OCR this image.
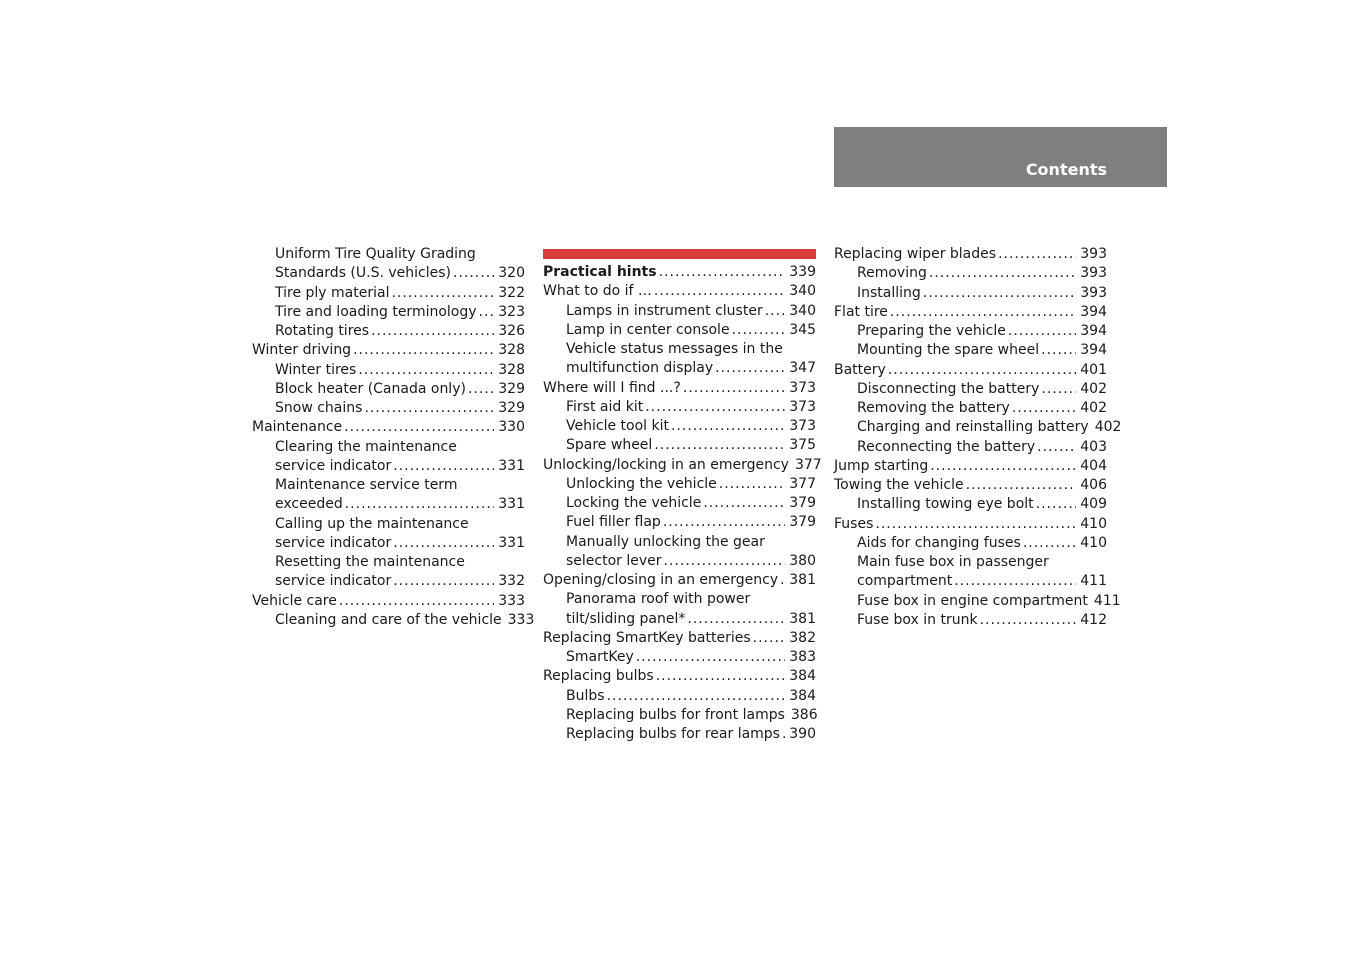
Contents
Uniform Tire Quality Grading
Standards (U.S. vehicles) .....	320
Tire ply material .....	322
Tire and loading terminology ..... 323
Rotating tires .....	326
Winter driving .....	328
Winter tires .....	328
Block heater (Canada only) ..... 329
Snow chains .....	329
Maintenance .....	330
Clearing the maintenance
service indicator .....	331
Maintenance service term
exceeded .....	331
Calling up the maintenance
service indicator .....	331
Resetting the maintenance
service indicator .....	332
Vehicle care .....	333
Cleaning and care of the vehicle 333
Practical hints .....	339
What to do if … .....	340
Lamps in instrument cluster ..... 340
Lamp in center console .....	345
Vehicle status messages in the
multifunction display .....	347
Where will I find ...? .....	373
First aid kit .....	373
Vehicle tool kit .....	373
Spare wheel .....	375
Unlocking/locking in an emergency 377
Unlocking the vehicle .....	377
Locking the vehicle .....	379
Fuel filler flap .....	379
Manually unlocking the gear
selector lever .....	380
Opening/closing in an emergency ..... 381
Panorama roof with power
tilt/sliding panel* .....	381
Replacing SmartKey batteries .....	382
SmartKey .....	383
Replacing bulbs .....	384
Bulbs .....	384
Replacing bulbs for front lamps 386
Replacing bulbs for rear lamps ..... 390
Replacing wiper blades .....	393
Removing .....	393
Installing .....	393
Flat tire .....	394
Preparing the vehicle .....	394
Mounting the spare wheel .....	394
Battery .....	401
Disconnecting the battery .....	402
Removing the battery .....	402
Charging and reinstalling battery 402
Reconnecting the battery .....	403
Jump starting .....	404
Towing the vehicle .....	406
Installing towing eye bolt .....	409
Fuses .....	410
Aids for changing fuses .....	410
Main fuse box in passenger
compartment .....	411
Fuse box in engine compartment 411
Fuse box in trunk .....	412
